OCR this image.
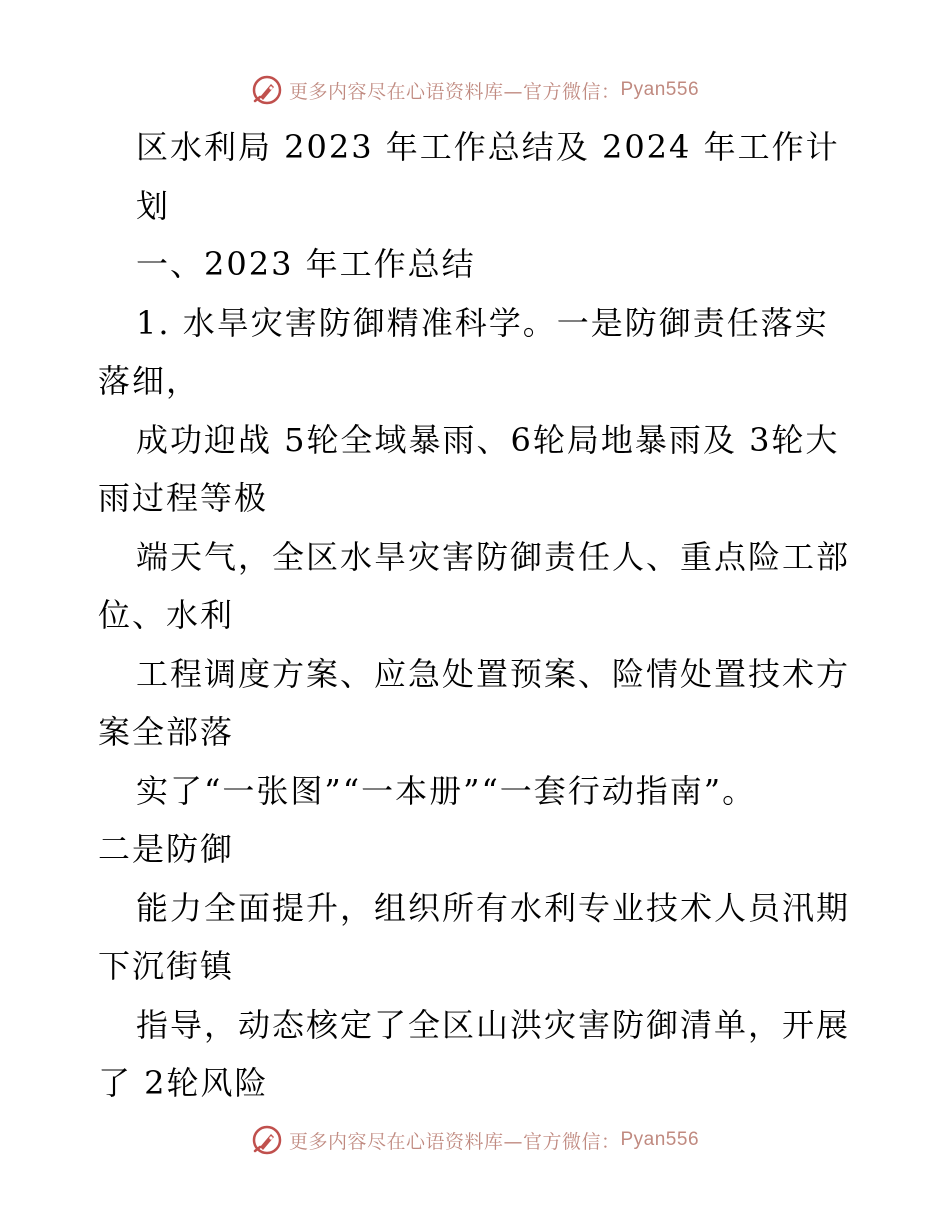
更多内容尽在心语资料库—官方微信： Pyan556

区水利局 2023 年工作总结及 2024 年工作计

划

一、2023 年工作总结

1. 水旱灾害防御精准科学。一是防御责任落实

落细，

成功迎战 5轮全域暴雨、6轮局地暴雨及 3轮大

雨过程等极

端天气，全区水旱灾害防御责任人、重点险工部

位、水利

工程调度方案、应急处置预案、险情处置技术方

案全部落

实了“一张图”“一本册”“一套行动指南”。

二是防御

能力全面提升，组织所有水利专业技术人员汛期

下沉街镇

指导，动态核定了全区山洪灾害防御清单，开展

了 2轮风险

更多内容尽在心语资料库—官方微信： Pyan556
